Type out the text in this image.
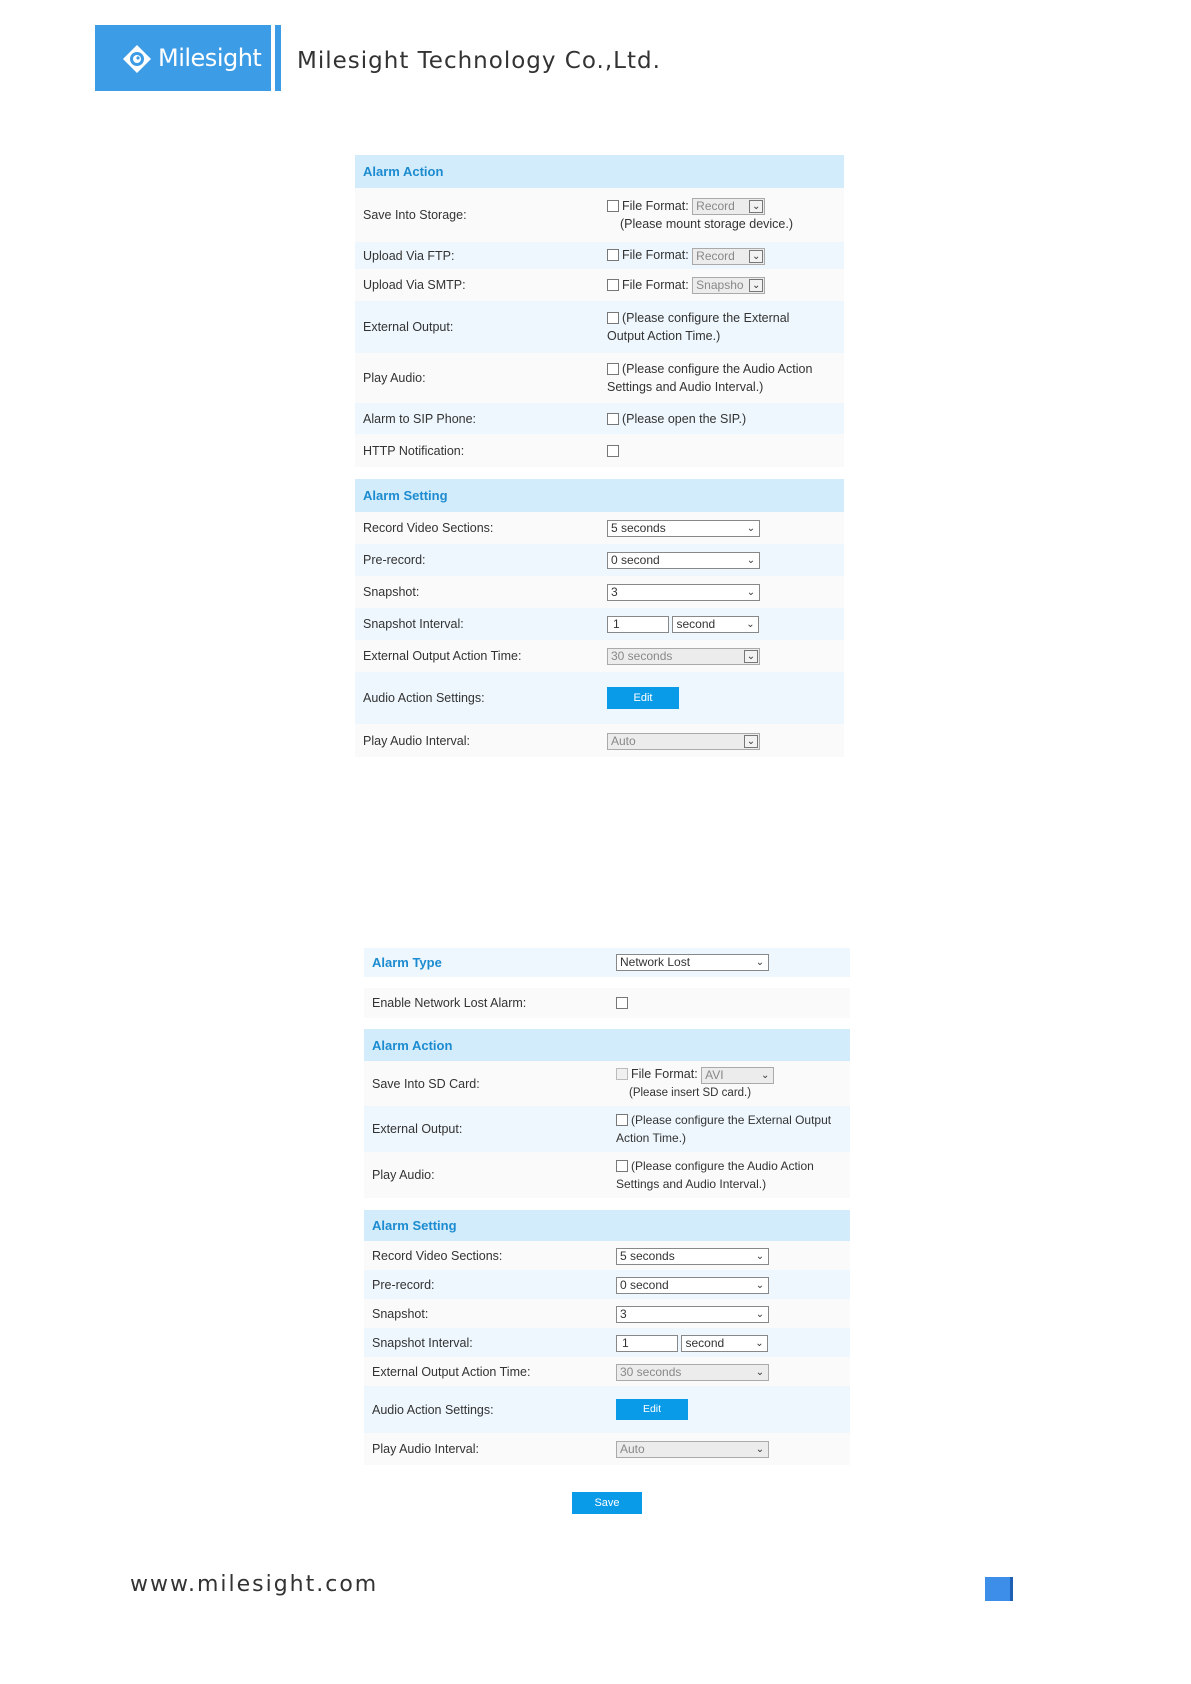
Milesight Milesight Technology Co.,Ltd.
Alarm Action
Save Into Storage:
File Format: Record ⌄
(Please mount storage device.)
Upload Via FTP:	File Format: Record ⌄
Upload Via SMTP:	File Format: Snapsho ⌄
External Output:
(Please configure the External Output Action Time.)
Play Audio:
(Please configure the Audio Action Settings and Audio Interval.)
Alarm to SIP Phone:	(Please open the SIP.)
HTTP Notification:
Alarm Setting
Record Video Sections:	5 seconds	⌄
Pre-record:	0 second	⌄
Snapshot:	3	⌄
Snapshot Interval:	1	second	⌄
External Output Action Time:	30 seconds	⌄
Audio Action Settings:	Edit
Play Audio Interval:	Auto	⌄
Alarm Type	Network Lost	⌄
Enable Network Lost Alarm:
Alarm Action
Save Into SD Card:
File Format: AVI	⌄
(Please insert SD card.)
External Output:
(Please configure the External Output Action Time.)
Play Audio:
(Please configure the Audio Action Settings and Audio Interval.)
Alarm Setting
Record Video Sections:	5 seconds	⌄
Pre-record:	0 second	⌄
Snapshot:	3	⌄
Snapshot Interval:	1	second	⌄
External Output Action Time:	30 seconds	⌄
Audio Action Settings:	Edit
Play Audio Interval:	Auto	⌄
Save
www.milesight.com
